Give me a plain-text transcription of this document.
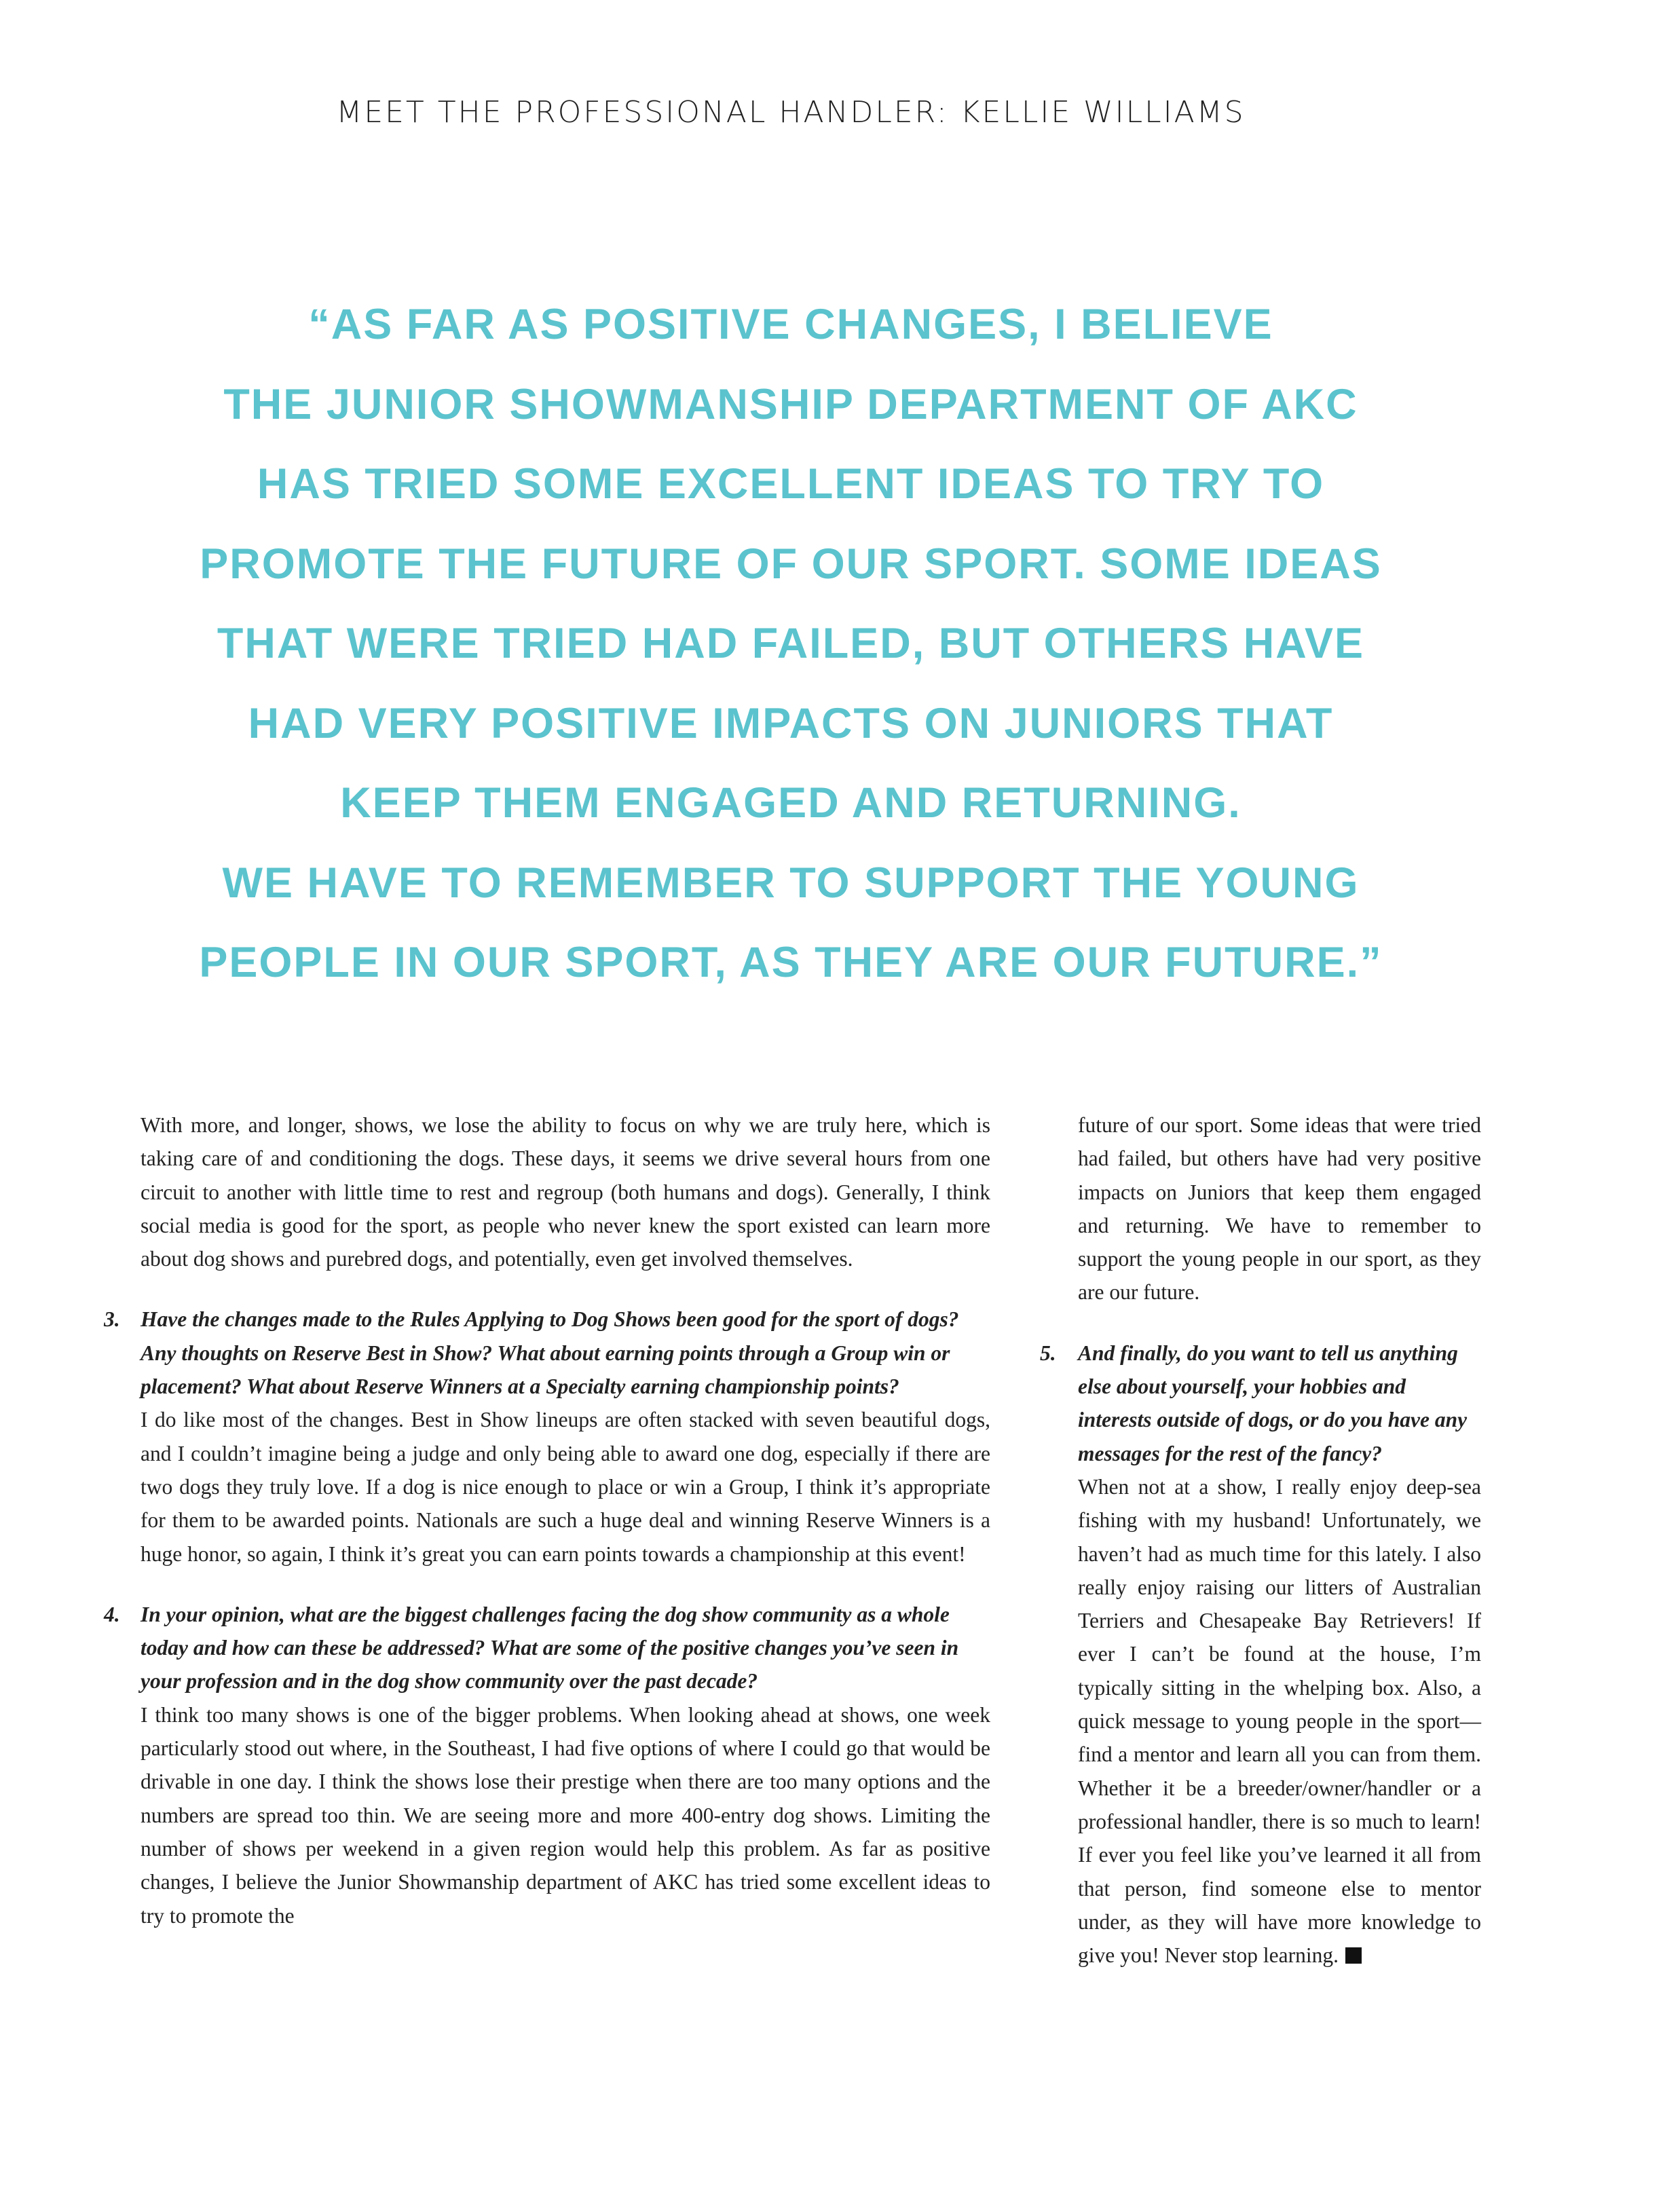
MEET THE PROFESSIONAL HANDLER: KELLIE WILLIAMS
“AS FAR AS POSITIVE CHANGES, I BELIEVE
THE JUNIOR SHOWMANSHIP DEPARTMENT OF AKC
HAS TRIED SOME EXCELLENT IDEAS TO TRY TO
PROMOTE THE FUTURE OF OUR SPORT. SOME IDEAS
THAT WERE TRIED HAD FAILED, BUT OTHERS HAVE
HAD VERY POSITIVE IMPACTS ON JUNIORS THAT
KEEP THEM ENGAGED AND RETURNING.
WE HAVE TO REMEMBER TO SUPPORT THE YOUNG
PEOPLE IN OUR SPORT, AS THEY ARE OUR FUTURE.”

With more, and longer, shows, we lose the ability to focus on why we are truly here, which is taking care of and conditioning the dogs. These days, it seems we drive several hours from one circuit to another with little time to rest and regroup (both humans and dogs). Generally, I think social media is good for the sport, as people who never knew the sport existed can learn more about dog shows and purebred dogs, and potentially, even get involved themselves.

3. Have the changes made to the Rules Applying to Dog Shows been good for the sport of dogs? Any thoughts on Reserve Best in Show? What about earning points through a Group win or placement? What about Reserve Winners at a Specialty earning championship points?

I do like most of the changes. Best in Show lineups are often stacked with seven beautiful dogs, and I couldn’t imagine being a judge and only being able to award one dog, especially if there are two dogs they truly love. If a dog is nice enough to place or win a Group, I think it’s appropriate for them to be awarded points. Nationals are such a huge deal and winning Reserve Winners is a huge honor, so again, I think it’s great you can earn points towards a championship at this event!

4. In your opinion, what are the biggest challenges facing the dog show community as a whole today and how can these be addressed? What are some of the positive changes you’ve seen in your profession and in the dog show community over the past decade?

I think too many shows is one of the bigger problems. When looking ahead at shows, one week particularly stood out where, in the Southeast, I had five options of where I could go that would be drivable in one day. I think the shows lose their prestige when there are too many options and the numbers are spread too thin. We are seeing more and more 400-entry dog shows. Limiting the number of shows per weekend in a given region would help this problem. As far as positive changes, I believe the Junior Showmanship department of AKC has tried some excellent ideas to try to promote the

future of our sport. Some ideas that were tried had failed, but others have had very positive impacts on Juniors that keep them engaged and returning. We have to remember to support the young people in our sport, as they are our future.

5. And finally, do you want to tell us anything else about yourself, your hobbies and interests outside of dogs, or do you have any messages for the rest of the fancy?

When not at a show, I really enjoy deep-sea fishing with my husband! Unfortunately, we haven’t had as much time for this lately. I also really enjoy raising our litters of Australian Terriers and Chesapeake Bay Retrievers! If ever I can’t be found at the house, I’m typically sitting in the whelping box. Also, a quick message to young people in the sport—find a mentor and learn all you can from them. Whether it be a breeder/owner/handler or a professional handler, there is so much to learn! If ever you feel like you’ve learned it all from that person, find someone else to mentor under, as they will have more knowledge to give you! Never stop learning.
